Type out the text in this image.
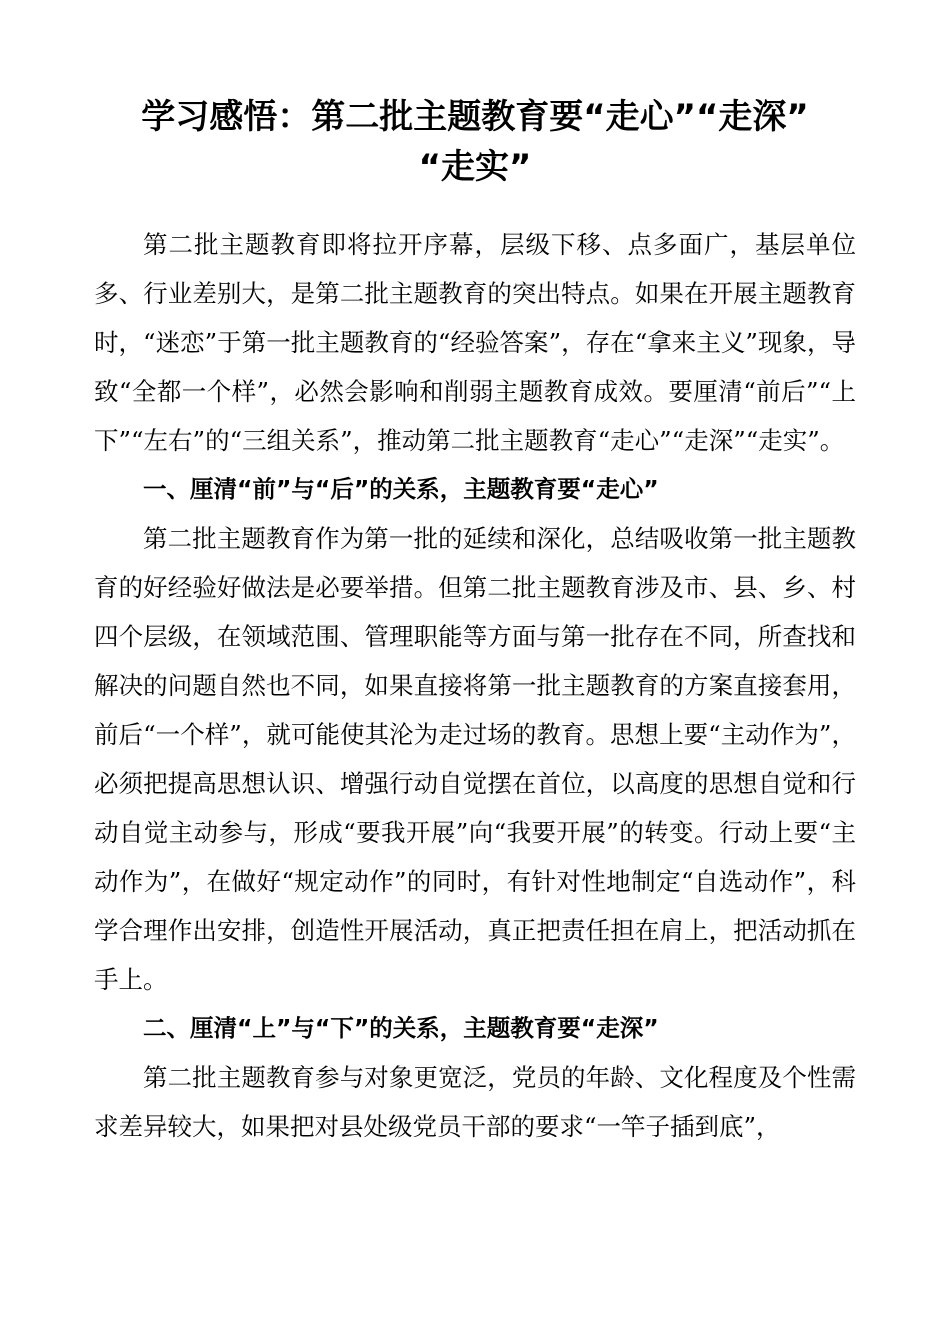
学习感悟：第二批主题教育要“走心”“走深”
“走实”

第二批主题教育即将拉开序幕，层级下移、点多面广，基层单位多、行业差别大，是第二批主题教育的突出特点。如果在开展主题教育时，“迷恋”于第一批主题教育的“经验答案”，存在“拿来主义”现象，导致“全都一个样”，必然会影响和削弱主题教育成效。要厘清“前后”“上下”“左右”的“三组关系”，推动第二批主题教育“走心”“走深”“走实”。

一、厘清“前”与“后”的关系，主题教育要“走心”

第二批主题教育作为第一批的延续和深化，总结吸收第一批主题教育的好经验好做法是必要举措。但第二批主题教育涉及市、县、乡、村四个层级，在领域范围、管理职能等方面与第一批存在不同，所查找和解决的问题自然也不同，如果直接将第一批主题教育的方案直接套用，前后“一个样”，就可能使其沦为走过场的教育。思想上要“主动作为”，必须把提高思想认识、增强行动自觉摆在首位，以高度的思想自觉和行动自觉主动参与，形成“要我开展”向“我要开展”的转变。行动上要“主动作为”，在做好“规定动作”的同时，有针对性地制定“自选动作”，科学合理作出安排，创造性开展活动，真正把责任担在肩上，把活动抓在手上。

二、厘清“上”与“下”的关系，主题教育要“走深”

第二批主题教育参与对象更宽泛，党员的年龄、文化程度及个性需求差异较大，如果把对县处级党员干部的要求“一竿子插到底”，
